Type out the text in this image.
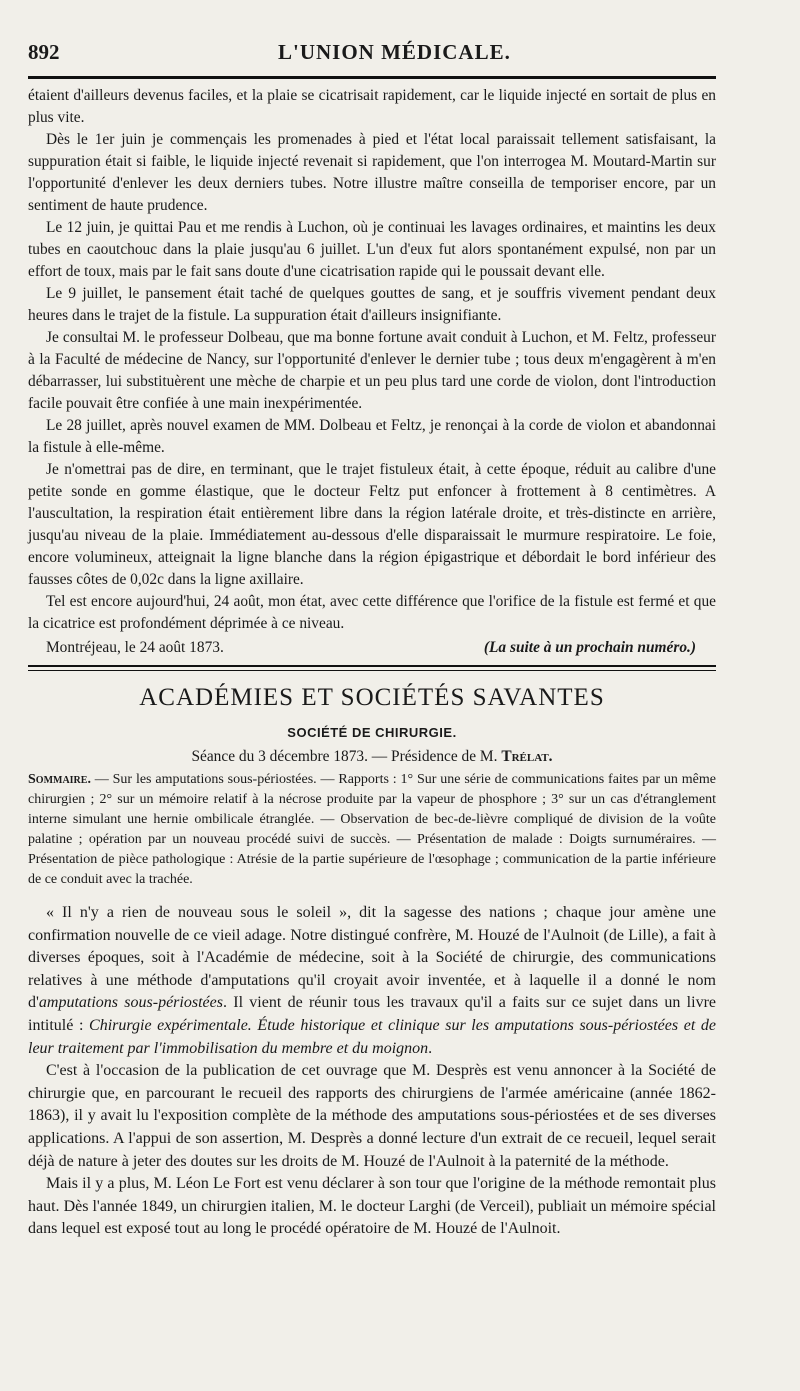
892	L'UNION MÉDICALE.

étaient d'ailleurs devenus faciles, et la plaie se cicatrisait rapidement, car le liquide injecté en sortait de plus en plus vite.

Dès le 1er juin je commençais les promenades à pied et l'état local paraissait tellement satisfaisant, la suppuration était si faible, le liquide injecté revenait si rapidement, que l'on interrogea M. Moutard-Martin sur l'opportunité d'enlever les deux derniers tubes. Notre illustre maître conseilla de temporiser encore, par un sentiment de haute prudence.

Le 12 juin, je quittai Pau et me rendis à Luchon, où je continuai les lavages ordinaires, et maintins les deux tubes en caoutchouc dans la plaie jusqu'au 6 juillet. L'un d'eux fut alors spontanément expulsé, non par un effort de toux, mais par le fait sans doute d'une cicatrisation rapide qui le poussait devant elle.

Le 9 juillet, le pansement était taché de quelques gouttes de sang, et je souffris vivement pendant deux heures dans le trajet de la fistule. La suppuration était d'ailleurs insignifiante.

Je consultai M. le professeur Dolbeau, que ma bonne fortune avait conduit à Luchon, et M. Feltz, professeur à la Faculté de médecine de Nancy, sur l'opportunité d'enlever le dernier tube ; tous deux m'engagèrent à m'en débarrasser, lui substituèrent une mèche de charpie et un peu plus tard une corde de violon, dont l'introduction facile pouvait être confiée à une main inexpérimentée.

Le 28 juillet, après nouvel examen de MM. Dolbeau et Feltz, je renonçai à la corde de violon et abandonnai la fistule à elle-même.

Je n'omettrai pas de dire, en terminant, que le trajet fistuleux était, à cette époque, réduit au calibre d'une petite sonde en gomme élastique, que le docteur Feltz put enfoncer à frottement à 8 centimètres. A l'auscultation, la respiration était entièrement libre dans la région latérale droite, et très-distincte en arrière, jusqu'au niveau de la plaie. Immédiatement au-dessous d'elle disparaissait le murmure respiratoire. Le foie, encore volumineux, atteignait la ligne blanche dans la région épigastrique et débordait le bord inférieur des fausses côtes de 0,02c dans la ligne axillaire.

Tel est encore aujourd'hui, 24 août, mon état, avec cette différence que l'orifice de la fistule est fermé et que la cicatrice est profondément déprimée à ce niveau.

Montréjeau, le 24 août 1873.	(La suite à un prochain numéro.)
ACADÉMIES ET SOCIÉTÉS SAVANTES
SOCIÉTÉ DE CHIRURGIE.
Séance du 3 décembre 1873. — Présidence de M. Trélat.
Sommaire. — Sur les amputations sous-périostées. — Rapports : 1° Sur une série de communications faites par un même chirurgien ; 2° sur un mémoire relatif à la nécrose produite par la vapeur de phosphore ; 3° sur un cas d'étranglement interne simulant une hernie ombilicale étranglée. — Observation de bec-de-lièvre compliqué de division de la voûte palatine ; opération par un nouveau procédé suivi de succès. — Présentation de malade : Doigts surnuméraires. — Présentation de pièce pathologique : Atrésie de la partie supérieure de l'œsophage ; communication de la partie inférieure de ce conduit avec la trachée.

« Il n'y a rien de nouveau sous le soleil », dit la sagesse des nations ; chaque jour amène une confirmation nouvelle de ce vieil adage. Notre distingué confrère, M. Houzé de l'Aulnoit (de Lille), a fait à diverses époques, soit à l'Académie de médecine, soit à la Société de chirurgie, des communications relatives à une méthode d'amputations qu'il croyait avoir inventée, et à laquelle il a donné le nom d'amputations sous-périostées. Il vient de réunir tous les travaux qu'il a faits sur ce sujet dans un livre intitulé : Chirurgie expérimentale. Étude historique et clinique sur les amputations sous-périostées et de leur traitement par l'immobilisation du membre et du moignon.

C'est à l'occasion de la publication de cet ouvrage que M. Desprès est venu annoncer à la Société de chirurgie que, en parcourant le recueil des rapports des chirurgiens de l'armée américaine (année 1862-1863), il y avait lu l'exposition complète de la méthode des amputations sous-périostées et de ses diverses applications. A l'appui de son assertion, M. Desprès a donné lecture d'un extrait de ce recueil, lequel serait déjà de nature à jeter des doutes sur les droits de M. Houzé de l'Aulnoit à la paternité de la méthode.

Mais il y a plus, M. Léon Le Fort est venu déclarer à son tour que l'origine de la méthode remontait plus haut. Dès l'année 1849, un chirurgien italien, M. le docteur Larghi (de Verceil), publiait un mémoire spécial dans lequel est exposé tout au long le procédé opératoire de M. Houzé de l'Aulnoit.
